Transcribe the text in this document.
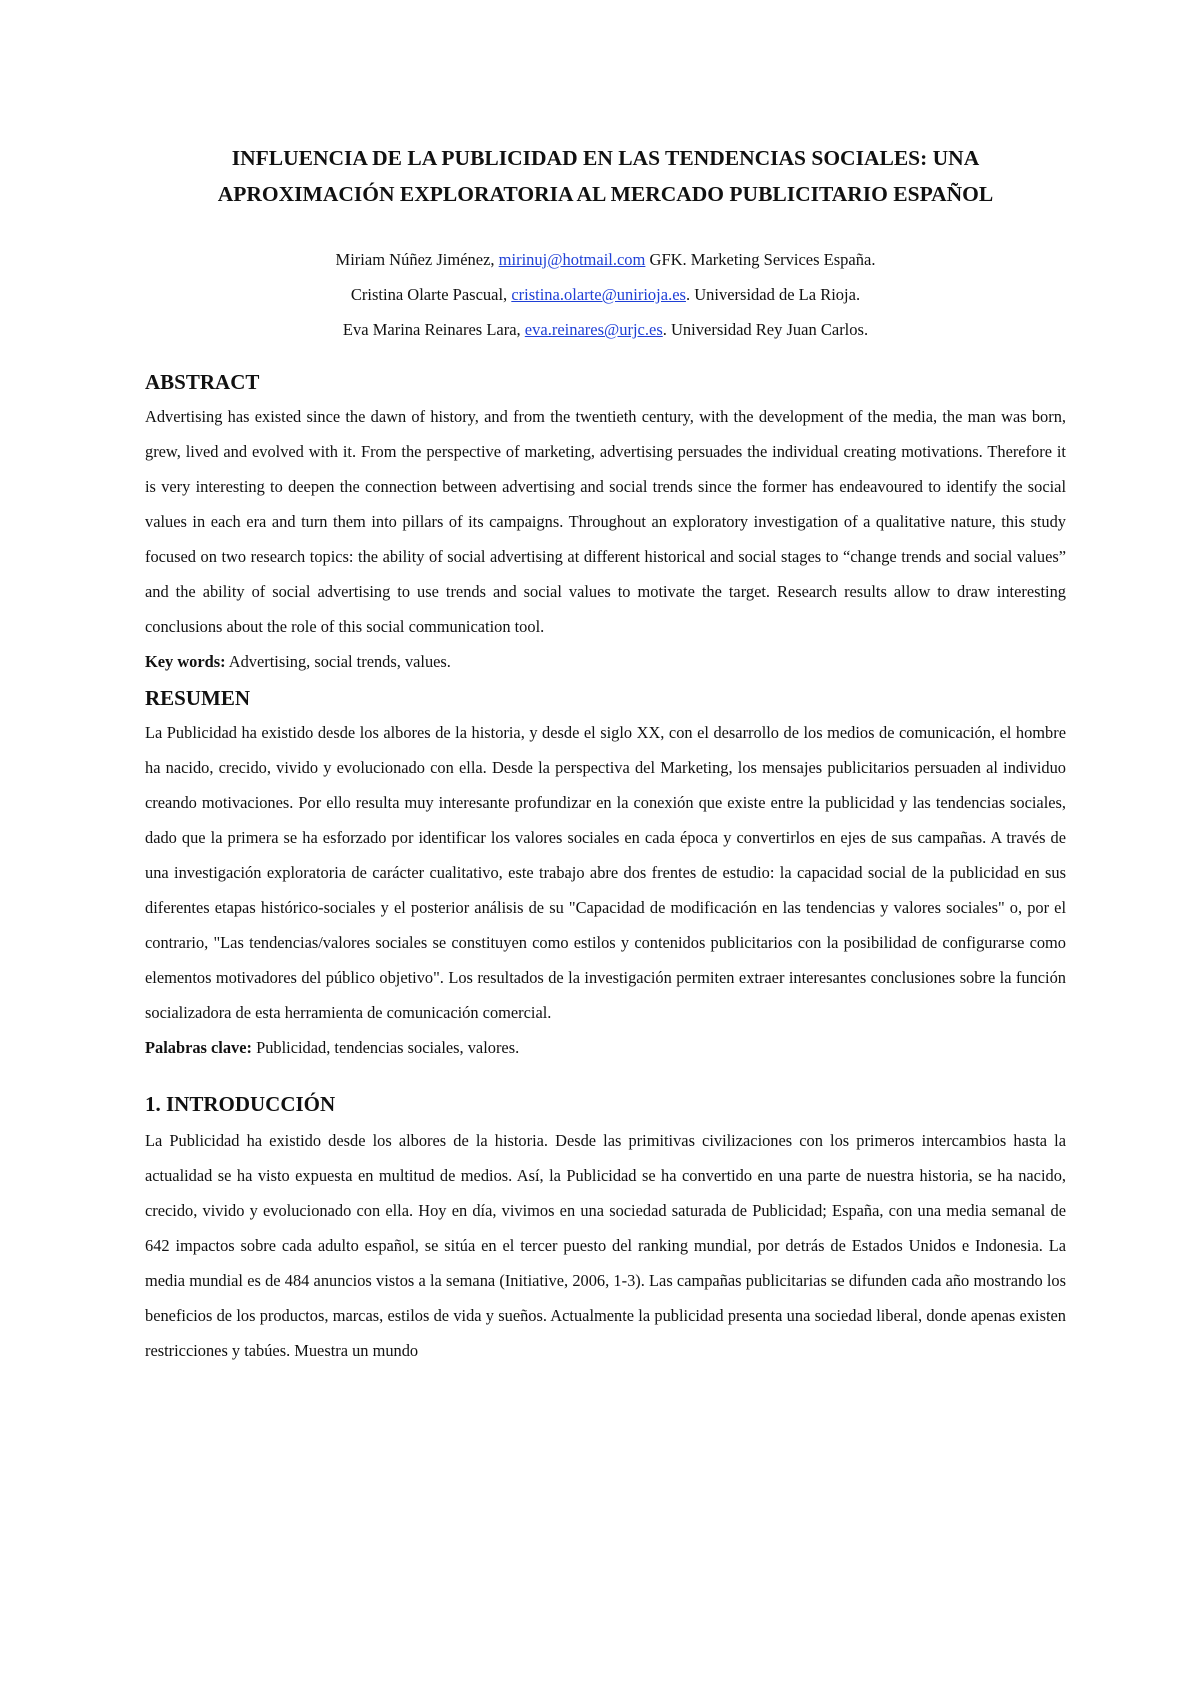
INFLUENCIA DE LA PUBLICIDAD EN LAS TENDENCIAS SOCIALES: UNA
APROXIMACIÓN EXPLORATORIA AL MERCADO PUBLICITARIO ESPAÑOL
Miriam Núñez Jiménez, mirinuj@hotmail.com GFK. Marketing Services España.
Cristina Olarte Pascual, cristina.olarte@unirioja.es. Universidad de La Rioja.
Eva Marina Reinares Lara, eva.reinares@urjc.es. Universidad Rey Juan Carlos.
ABSTRACT

Advertising has existed since the dawn of history, and from the twentieth century, with the development of the media, the man was born, grew, lived and evolved with it. From the perspective of marketing, advertising persuades the individual creating motivations. Therefore it is very interesting to deepen the connection between advertising and social trends since the former has endeavoured to identify the social values in each era and turn them into pillars of its campaigns. Throughout an exploratory investigation of a qualitative nature, this study focused on two research topics: the ability of social advertising at different historical and social stages to “change trends and social values” and the ability of social advertising to use trends and social values to motivate the target. Research results allow to draw interesting conclusions about the role of this social communication tool.

Key words: Advertising, social trends, values.

RESUMEN

La Publicidad ha existido desde los albores de la historia, y desde el siglo XX, con el desarrollo de los medios de comunicación, el hombre ha nacido, crecido, vivido y evolucionado con ella. Desde la perspectiva del Marketing, los mensajes publicitarios persuaden al individuo creando motivaciones. Por ello resulta muy interesante profundizar en la conexión que existe entre la publicidad y las tendencias sociales, dado que la primera se ha esforzado por identificar los valores sociales en cada época y convertirlos en ejes de sus campañas. A través de una investigación exploratoria de carácter cualitativo, este trabajo abre dos frentes de estudio: la capacidad social de la publicidad en sus diferentes etapas histórico-sociales y el posterior análisis de su "Capacidad de modificación en las tendencias y valores sociales" o, por el contrario, "Las tendencias/valores sociales se constituyen como estilos y contenidos publicitarios con la posibilidad de configurarse como elementos motivadores del público objetivo". Los resultados de la investigación permiten extraer interesantes conclusiones sobre la función socializadora de esta herramienta de comunicación comercial.

Palabras clave: Publicidad, tendencias sociales, valores.

1. INTRODUCCIÓN

La Publicidad ha existido desde los albores de la historia. Desde las primitivas civilizaciones con los primeros intercambios hasta la actualidad se ha visto expuesta en multitud de medios. Así, la Publicidad se ha convertido en una parte de nuestra historia, se ha nacido, crecido, vivido y evolucionado con ella. Hoy en día, vivimos en una sociedad saturada de Publicidad; España, con una media semanal de 642 impactos sobre cada adulto español, se sitúa en el tercer puesto del ranking mundial, por detrás de Estados Unidos e Indonesia. La media mundial es de 484 anuncios vistos a la semana (Initiative, 2006, 1-3). Las campañas publicitarias se difunden cada año mostrando los beneficios de los productos, marcas, estilos de vida y sueños. Actualmente la publicidad presenta una sociedad liberal, donde apenas existen restricciones y tabúes. Muestra un mundo
